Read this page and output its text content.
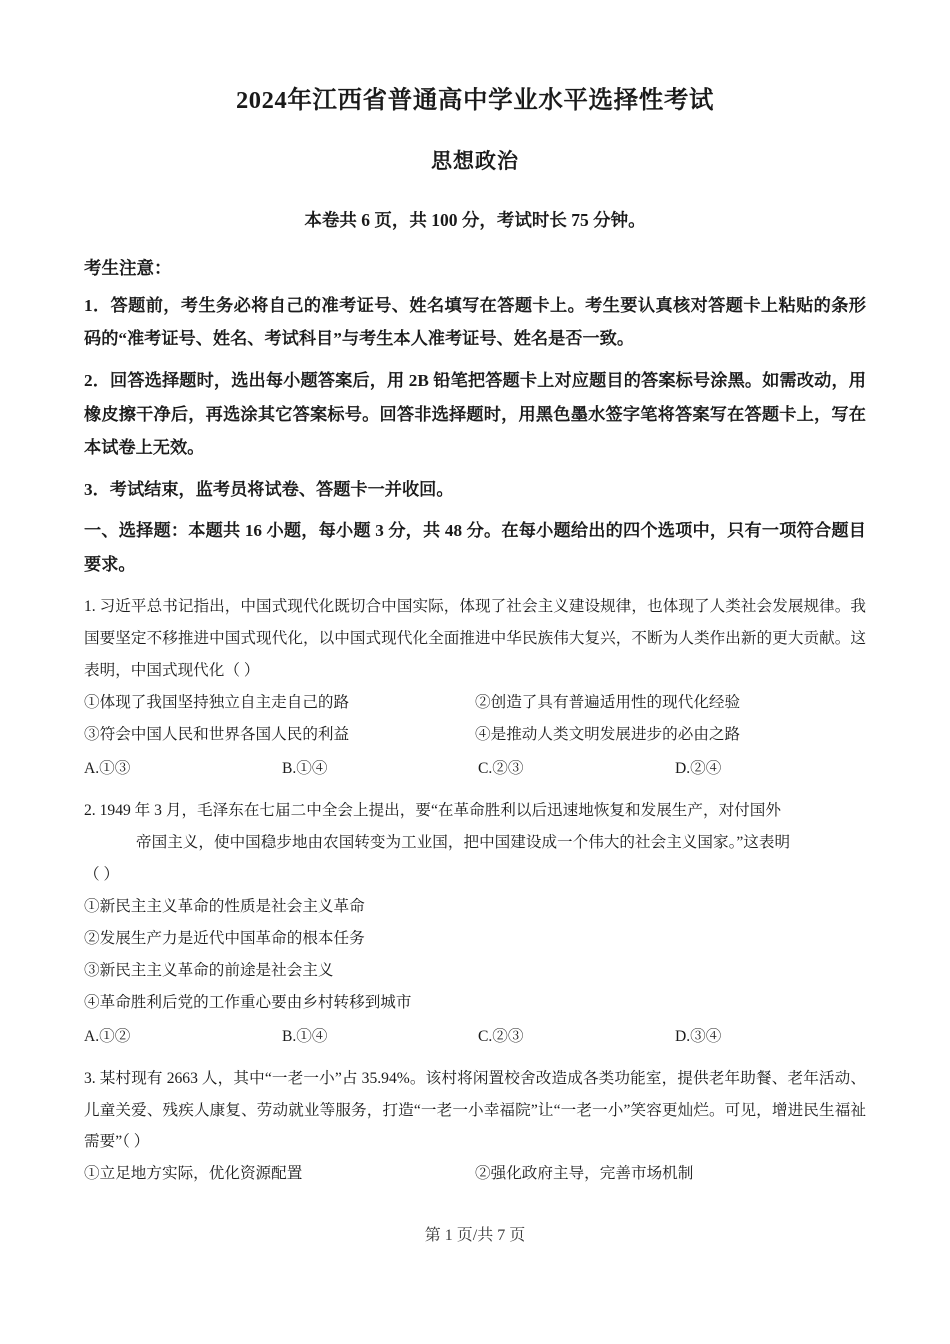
2024年江西省普通高中学业水平选择性考试
思想政治

本卷共 6 页，共 100 分，考试时长 75 分钟。

考生注意：

1．答题前，考生务必将自己的准考证号、姓名填写在答题卡上。考生要认真核对答题卡上粘贴的条形码的“准考证号、姓名、考试科目”与考生本人准考证号、姓名是否一致。

2．回答选择题时，选出每小题答案后，用 2B 铅笔把答题卡上对应题目的答案标号涂黑。如需改动，用橡皮擦干净后，再选涂其它答案标号。回答非选择题时，用黑色墨水签字笔将答案写在答题卡上，写在本试卷上无效。

3．考试结束，监考员将试卷、答题卡一并收回。

一、选择题：本题共 16 小题，每小题 3 分，共 48 分。在每小题给出的四个选项中，只有一项符合题目要求。

1. 习近平总书记指出，中国式现代化既切合中国实际，体现了社会主义建设规律，也体现了人类社会发展规律。我国要坚定不移推进中国式现代化，以中国式现代化全面推进中华民族伟大复兴，不断为人类作出新的更大贡献。这表明，中国式现代化（ ）

①体现了我国坚持独立自主走自己的路	②创造了具有普遍适用性的现代化经验
③符会中国人民和世界各国人民的利益	④是推动人类文明发展进步的必由之路
A.①③	B.①④	C.②③	D.②④

2. 1949 年 3 月，毛泽东在七届二中全会上提出，要“在革命胜利以后迅速地恢复和发展生产，对付国外

帝国主义，使中国稳步地由农国转变为工业国，把中国建设成一个伟大的社会主义国家。”这表明

（ ）

①新民主主义革命的性质是社会主义革命
②发展生产力是近代中国革命的根本任务
③新民主主义革命的前途是社会主义
④革命胜利后党的工作重心要由乡村转移到城市
A.①②	B.①④	C.②③	D.③④

3. 某村现有 2663 人，其中“一老一小”占 35.94%。该村将闲置校舍改造成各类功能室，提供老年助餐、老年活动、儿童关爱、残疾人康复、劳动就业等服务，打造“一老一小幸福院”让“一老一小”笑容更灿烂。可见，增进民生福祉需要”（ ）

①立足地方实际，优化资源配置	②强化政府主导，完善市场机制
第 1 页/共 7 页
